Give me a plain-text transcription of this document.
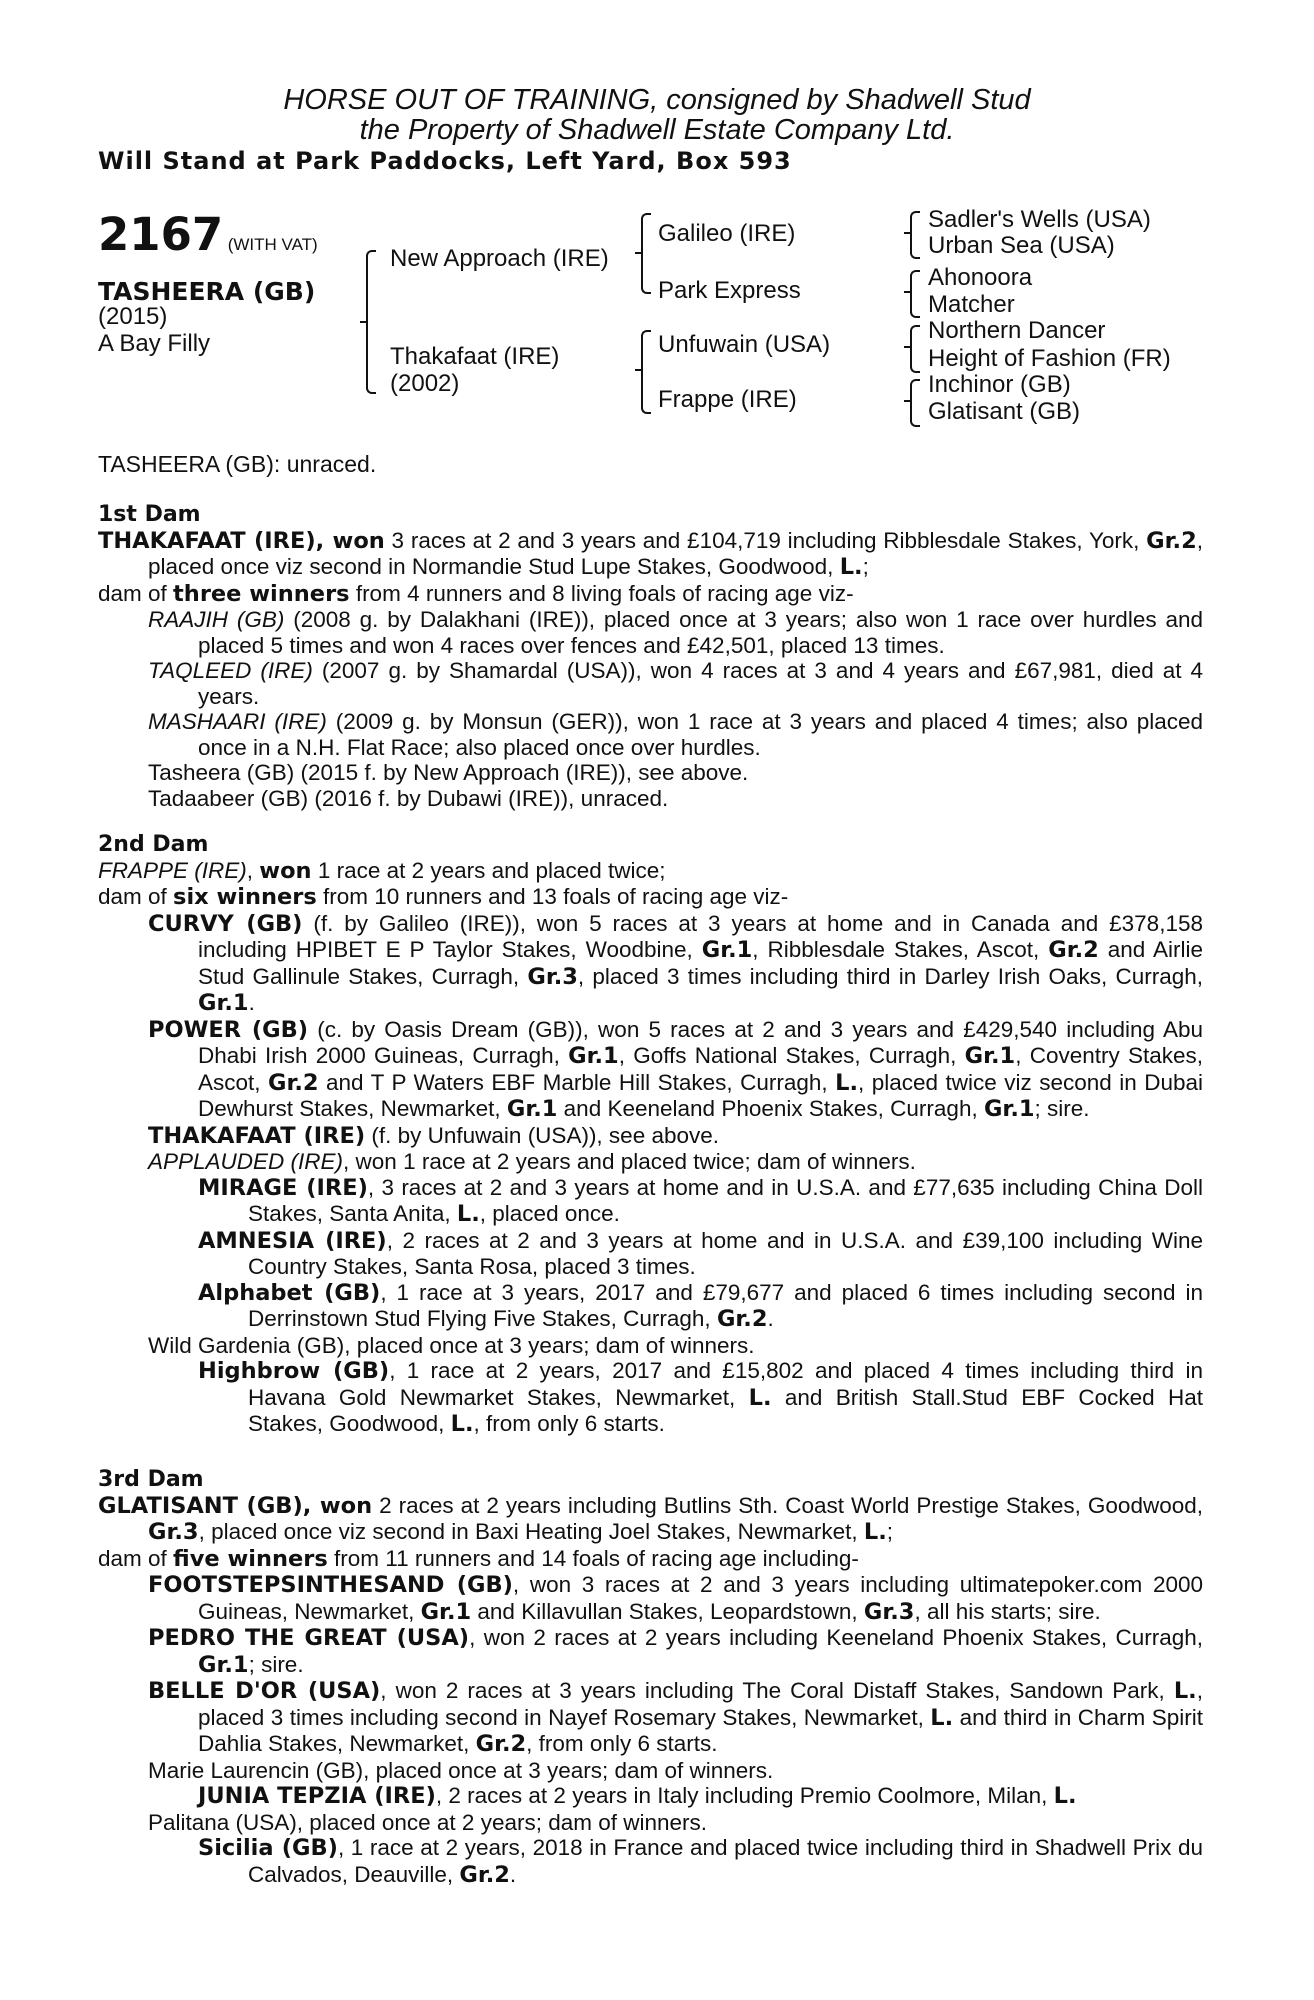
HORSE OUT OF TRAINING, consigned by Shadwell Stud
the Property of Shadwell Estate Company Ltd.
Will Stand at Park Paddocks, Left Yard, Box 593
2167 (WITH VAT)
TASHEERA (GB)
(2015)
A Bay Filly
New Approach (IRE)
Thakafaat (IRE)
(2002)
Galileo (IRE)
Park Express
Unfuwain (USA)
Frappe (IRE)
Sadler's Wells (USA)
Urban Sea (USA)
Ahonoora
Matcher
Northern Dancer
Height of Fashion (FR)
Inchinor (GB)
Glatisant (GB)
TASHEERA (GB): unraced.
1st Dam

THAKAFAAT (IRE), won 3 races at 2 and 3 years and £104,719 including Ribblesdale Stakes, York, Gr.2, placed once viz second in Normandie Stud Lupe Stakes, Goodwood, L.;

dam of three winners from 4 runners and 8 living foals of racing age viz-

RAAJIH (GB) (2008 g. by Dalakhani (IRE)), placed once at 3 years; also won 1 race over hurdles and placed 5 times and won 4 races over fences and £42,501, placed 13 times.

TAQLEED (IRE) (2007 g. by Shamardal (USA)), won 4 races at 3 and 4 years and £67,981, died at 4 years.

MASHAARI (IRE) (2009 g. by Monsun (GER)), won 1 race at 3 years and placed 4 times; also placed once in a N.H. Flat Race; also placed once over hurdles.

Tasheera (GB) (2015 f. by New Approach (IRE)), see above.

Tadaabeer (GB) (2016 f. by Dubawi (IRE)), unraced.

2nd Dam

FRAPPE (IRE), won 1 race at 2 years and placed twice;

dam of six winners from 10 runners and 13 foals of racing age viz-

CURVY (GB) (f. by Galileo (IRE)), won 5 races at 3 years at home and in Canada and £378,158 including HPIBET E P Taylor Stakes, Woodbine, Gr.1, Ribblesdale Stakes, Ascot, Gr.2 and Airlie Stud Gallinule Stakes, Curragh, Gr.3, placed 3 times including third in Darley Irish Oaks, Curragh, Gr.1.

POWER (GB) (c. by Oasis Dream (GB)), won 5 races at 2 and 3 years and £429,540 including Abu Dhabi Irish 2000 Guineas, Curragh, Gr.1, Goffs National Stakes, Curragh, Gr.1, Coventry Stakes, Ascot, Gr.2 and T P Waters EBF Marble Hill Stakes, Curragh, L., placed twice viz second in Dubai Dewhurst Stakes, Newmarket, Gr.1 and Keeneland Phoenix Stakes, Curragh, Gr.1; sire.

THAKAFAAT (IRE) (f. by Unfuwain (USA)), see above.

APPLAUDED (IRE), won 1 race at 2 years and placed twice; dam of winners.

MIRAGE (IRE), 3 races at 2 and 3 years at home and in U.S.A. and £77,635 including China Doll Stakes, Santa Anita, L., placed once.

AMNESIA (IRE), 2 races at 2 and 3 years at home and in U.S.A. and £39,100 including Wine Country Stakes, Santa Rosa, placed 3 times.

Alphabet (GB), 1 race at 3 years, 2017 and £79,677 and placed 6 times including second in Derrinstown Stud Flying Five Stakes, Curragh, Gr.2.

Wild Gardenia (GB), placed once at 3 years; dam of winners.

Highbrow (GB), 1 race at 2 years, 2017 and £15,802 and placed 4 times including third in Havana Gold Newmarket Stakes, Newmarket, L. and British Stall.Stud EBF Cocked Hat Stakes, Goodwood, L., from only 6 starts.

3rd Dam

GLATISANT (GB), won 2 races at 2 years including Butlins Sth. Coast World Prestige Stakes, Goodwood, Gr.3, placed once viz second in Baxi Heating Joel Stakes, Newmarket, L.;

dam of five winners from 11 runners and 14 foals of racing age including-

FOOTSTEPSINTHESAND (GB), won 3 races at 2 and 3 years including ultimatepoker.com 2000 Guineas, Newmarket, Gr.1 and Killavullan Stakes, Leopardstown, Gr.3, all his starts; sire.

PEDRO THE GREAT (USA), won 2 races at 2 years including Keeneland Phoenix Stakes, Curragh, Gr.1; sire.

BELLE D'OR (USA), won 2 races at 3 years including The Coral Distaff Stakes, Sandown Park, L., placed 3 times including second in Nayef Rosemary Stakes, Newmarket, L. and third in Charm Spirit Dahlia Stakes, Newmarket, Gr.2, from only 6 starts.

Marie Laurencin (GB), placed once at 3 years; dam of winners.

JUNIA TEPZIA (IRE), 2 races at 2 years in Italy including Premio Coolmore, Milan, L.

Palitana (USA), placed once at 2 years; dam of winners.

Sicilia (GB), 1 race at 2 years, 2018 in France and placed twice including third in Shadwell Prix du Calvados, Deauville, Gr.2.
